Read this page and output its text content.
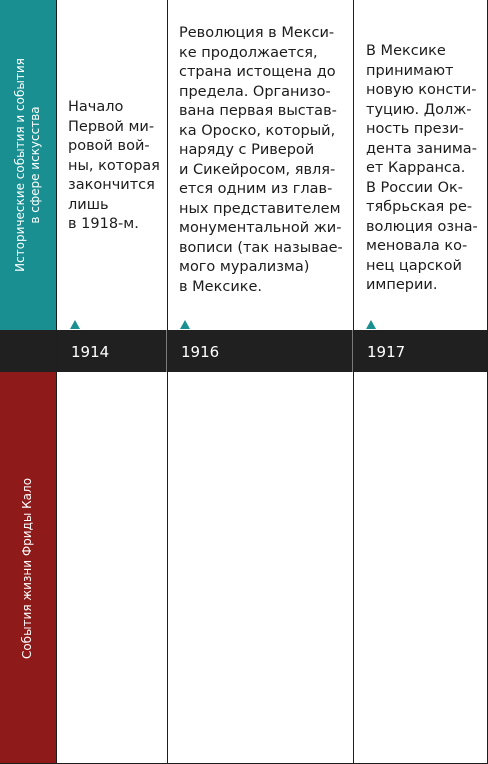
Исторические события и события
в сфере искусства
События жизни Фриды Кало
1914	1916	1917
Начало
Первой ми-
ровой вой-
ны, которая
закончится
лишь
в 1918-м.
Революция в Мекси-
ке продолжается,
страна истощена до
предела. Организо-
вана первая выстав-
ка Ороско, который,
наряду с Риверой
и Сикейросом, явля-
ется одним из глав-
ных представителем
монументальной жи-
вописи (так называе-
мого мурализма)
в Мексике.
В Мексике
принимают
новую консти-
туцию. Долж-
ность прези-
дента занима-
ет Карранса.
В России Ок-
тябрьская ре-
волюция озна-
меновала ко-
нец царской
империи.
